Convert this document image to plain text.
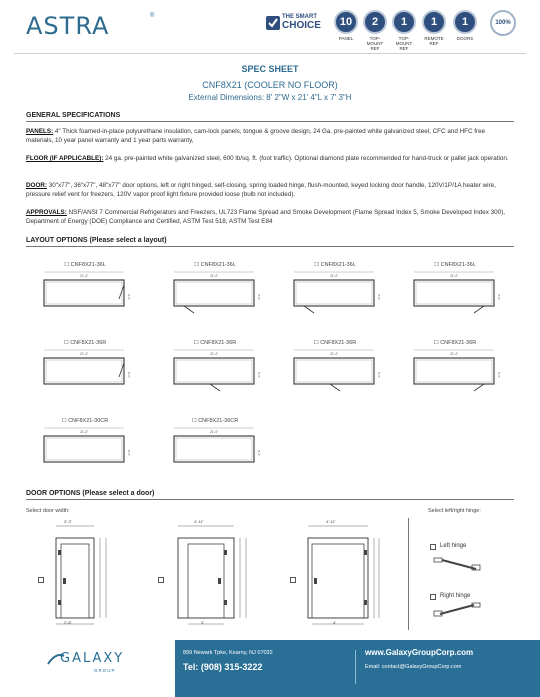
ASTRA	®	THE SMART
CHOICE	10
PANEL
2
TOP-MOUNT REF
1
TOP-MOUNT REF
1
REMOTE REF
1
DOORS
100%
SPEC SHEET
CNF8X21 (COOLER NO FLOOR)
External Dimensions: 8' 2"W x 21' 4"L x 7' 3"H
GENERAL SPECIFICATIONS
PANELS: 4" Thick foamed-in-place polyurethane insulation, cam-lock panels, tongue & groove design, 24 Ga. pre-painted white galvanized steel, CFC and HFC free materials, 10 year panel warranty and 1 year parts warranty,
FLOOR (IF APPLICABLE): 24 ga. pre-painted white galvanized steel, 600 lb/sq. ft. (foot traffic). Optional diamond plate recommended for hand-truck or pallet jack operation.
DOOR: 30"x77", 36"x77", 48"x77" door options, left or right hinged, self-closing, spring loaded hinge, flush-mounted, keyed locking door handle, 120V/1P/1A heater wire, pressure relief vent for freezers, 120V vapor proof light fixture provided loose (bulb not included).
APPROVALS: NSF/ANSI 7 Commercial Refrigerators and Freezers, UL723 Flame Spread and Smoke Development (Flame Spread Index 5, Smoke Developed Index 300), Department of Energy (DOE) Compliance and Certified, ASTM Test 518, ASTM Test E84
LAYOUT OPTIONS (Please select a layout)
☐ CNF8X21-36L
21'-4"
8'-2"
☐ CNF8X21-36L
21'-4"
8'-2"
☐ CNF8X21-36L
21'-4"
8'-2"
☐ CNF8X21-36L
21'-4"
8'-2"
☐ CNF8X21-36R
21'-4"
8'-2"
☐ CNF8X21-36R
21'-4"
8'-2"
☐ CNF8X21-36R
21'-4"
8'-2"
☐ CNF8X21-36R
21'-4"
8'-2"
☐ CNF8X21-30CR
21'-4"
8'-2"
☐ CNF8X21-36CR
21'-4"
8'-2"
DOOR OPTIONS (Please select a door)
Select door width:	Select left/right hinge:
3'-3"
2'-6"
4'-11"
3'
4'-11"
4'
Left hinge
Right hinge
GALAXY
GROUP
899 Newark Tpke, Kearny, NJ 07032
Tel: (908) 315-3222
www.GalaxyGroupCorp.com
Email: contact@GalaxyGroupCorp.com
